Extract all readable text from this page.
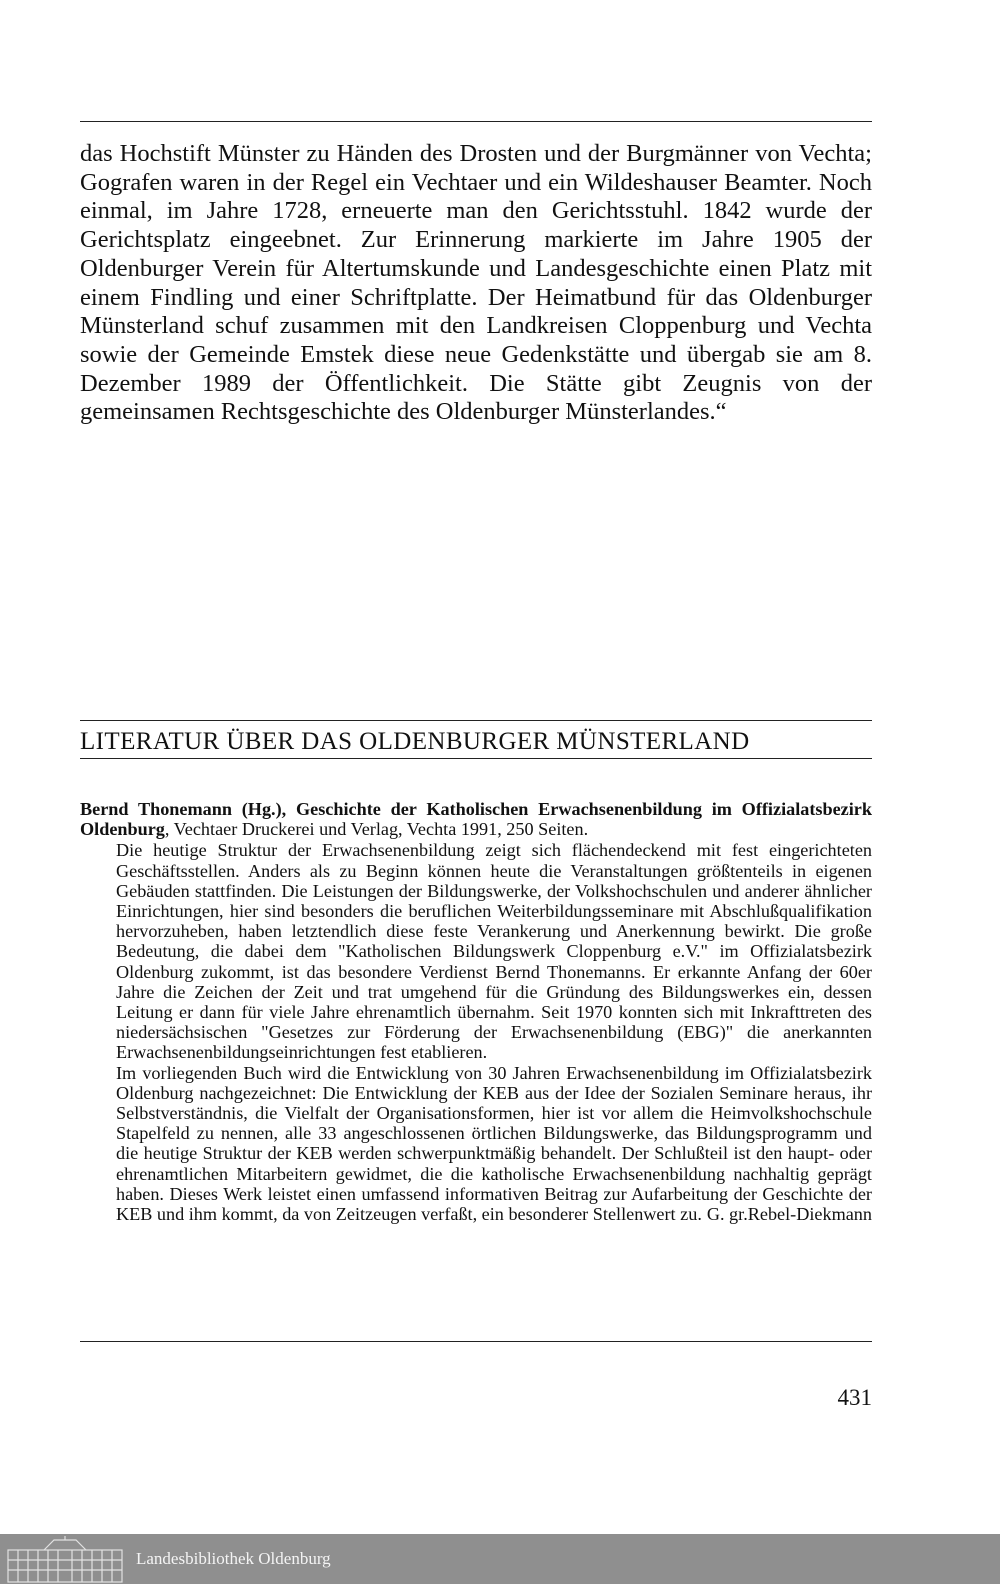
das Hochstift Münster zu Händen des Drosten und der Burgmänner von Vechta; Gografen waren in der Regel ein Vechtaer und ein Wildeshauser Beamter. Noch einmal, im Jahre 1728, erneuerte man den Gerichtsstuhl. 1842 wurde der Gerichtsplatz eingeebnet. Zur Erinnerung markierte im Jahre 1905 der Oldenburger Verein für Altertumskunde und Landesgeschichte einen Platz mit einem Findling und einer Schriftplatte. Der Heimatbund für das Oldenburger Münsterland schuf zusammen mit den Landkreisen Cloppenburg und Vechta sowie der Gemeinde Emstek diese neue Gedenkstätte und übergab sie am 8. Dezember 1989 der Öffentlichkeit. Die Stätte gibt Zeugnis von der gemeinsamen Rechtsgeschichte des Oldenburger Münsterlandes.“

LITERATUR ÜBER DAS OLDENBURGER MÜNSTERLAND

Bernd Thonemann (Hg.), Geschichte der Katholischen Erwachsenenbildung im Offizialatsbezirk Oldenburg, Vechtaer Druckerei und Verlag, Vechta 1991, 250 Seiten.

Die heutige Struktur der Erwachsenenbildung zeigt sich flächendeckend mit fest eingerichteten Geschäftsstellen. Anders als zu Beginn können heute die Veranstaltungen größtenteils in eigenen Gebäuden stattfinden. Die Leistungen der Bildungswerke, der Volkshochschulen und anderer ähnlicher Einrichtungen, hier sind besonders die beruflichen Weiterbildungsseminare mit Abschlußqualifikation hervorzuheben, haben letztendlich diese feste Verankerung und Anerkennung bewirkt. Die große Bedeutung, die dabei dem "Katholischen Bildungswerk Cloppenburg e.V." im Offizialatsbezirk Oldenburg zukommt, ist das besondere Verdienst Bernd Thonemanns. Er erkannte Anfang der 60er Jahre die Zeichen der Zeit und trat umgehend für die Gründung des Bildungswerkes ein, dessen Leitung er dann für viele Jahre ehrenamtlich übernahm. Seit 1970 konnten sich mit Inkrafttreten des niedersächsischen "Gesetzes zur Förderung der Erwachsenenbildung (EBG)" die anerkannten Erwachsenenbildungseinrichtungen fest etablieren.

Im vorliegenden Buch wird die Entwicklung von 30 Jahren Erwachsenenbildung im Offizialatsbezirk Oldenburg nachgezeichnet: Die Entwicklung der KEB aus der Idee der Sozialen Seminare heraus, ihr Selbstverständnis, die Vielfalt der Organisationsformen, hier ist vor allem die Heimvolkshochschule Stapelfeld zu nennen, alle 33 angeschlossenen örtlichen Bildungswerke, das Bildungsprogramm und die heutige Struktur der KEB werden schwerpunktmäßig behandelt. Der Schlußteil ist den haupt- oder ehrenamtlichen Mitarbeitern gewidmet, die die katholische Erwachsenenbildung nachhaltig geprägt haben. Dieses Werk leistet einen umfassend informativen Beitrag zur Aufarbeitung der Geschichte der KEB und ihm kommt, da von Zeitzeugen verfaßt, ein besonderer Stellenwert zu. G. gr.Rebel-Diekmann

431
Landesbibliothek Oldenburg
